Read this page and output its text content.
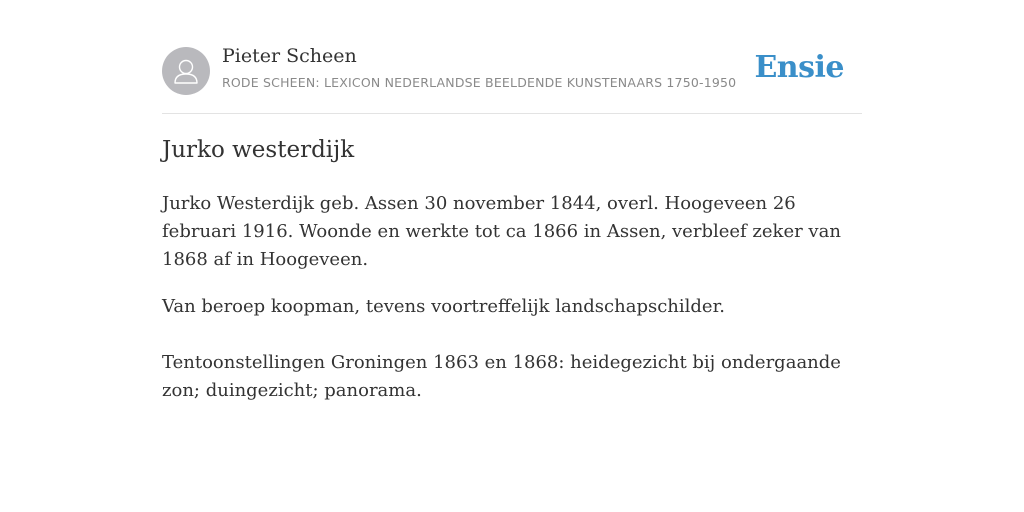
Pieter Scheen
RODE SCHEEN: LEXICON NEDERLANDSE BEELDENDE KUNSTENAARS 1750-1950 Ensie
Jurko westerdijk

Jurko Westerdijk geb. Assen 30 november 1844, overl. Hoogeveen 26 februari 1916. Woonde en werkte tot ca 1866 in Assen, verbleef zeker van 1868 af in Hoogeveen.

Van beroep koopman, tevens voortreffelijk landschapschilder.

Tentoonstellingen Groningen 1863 en 1868: heidegezicht bij ondergaande zon; duingezicht; panorama.
